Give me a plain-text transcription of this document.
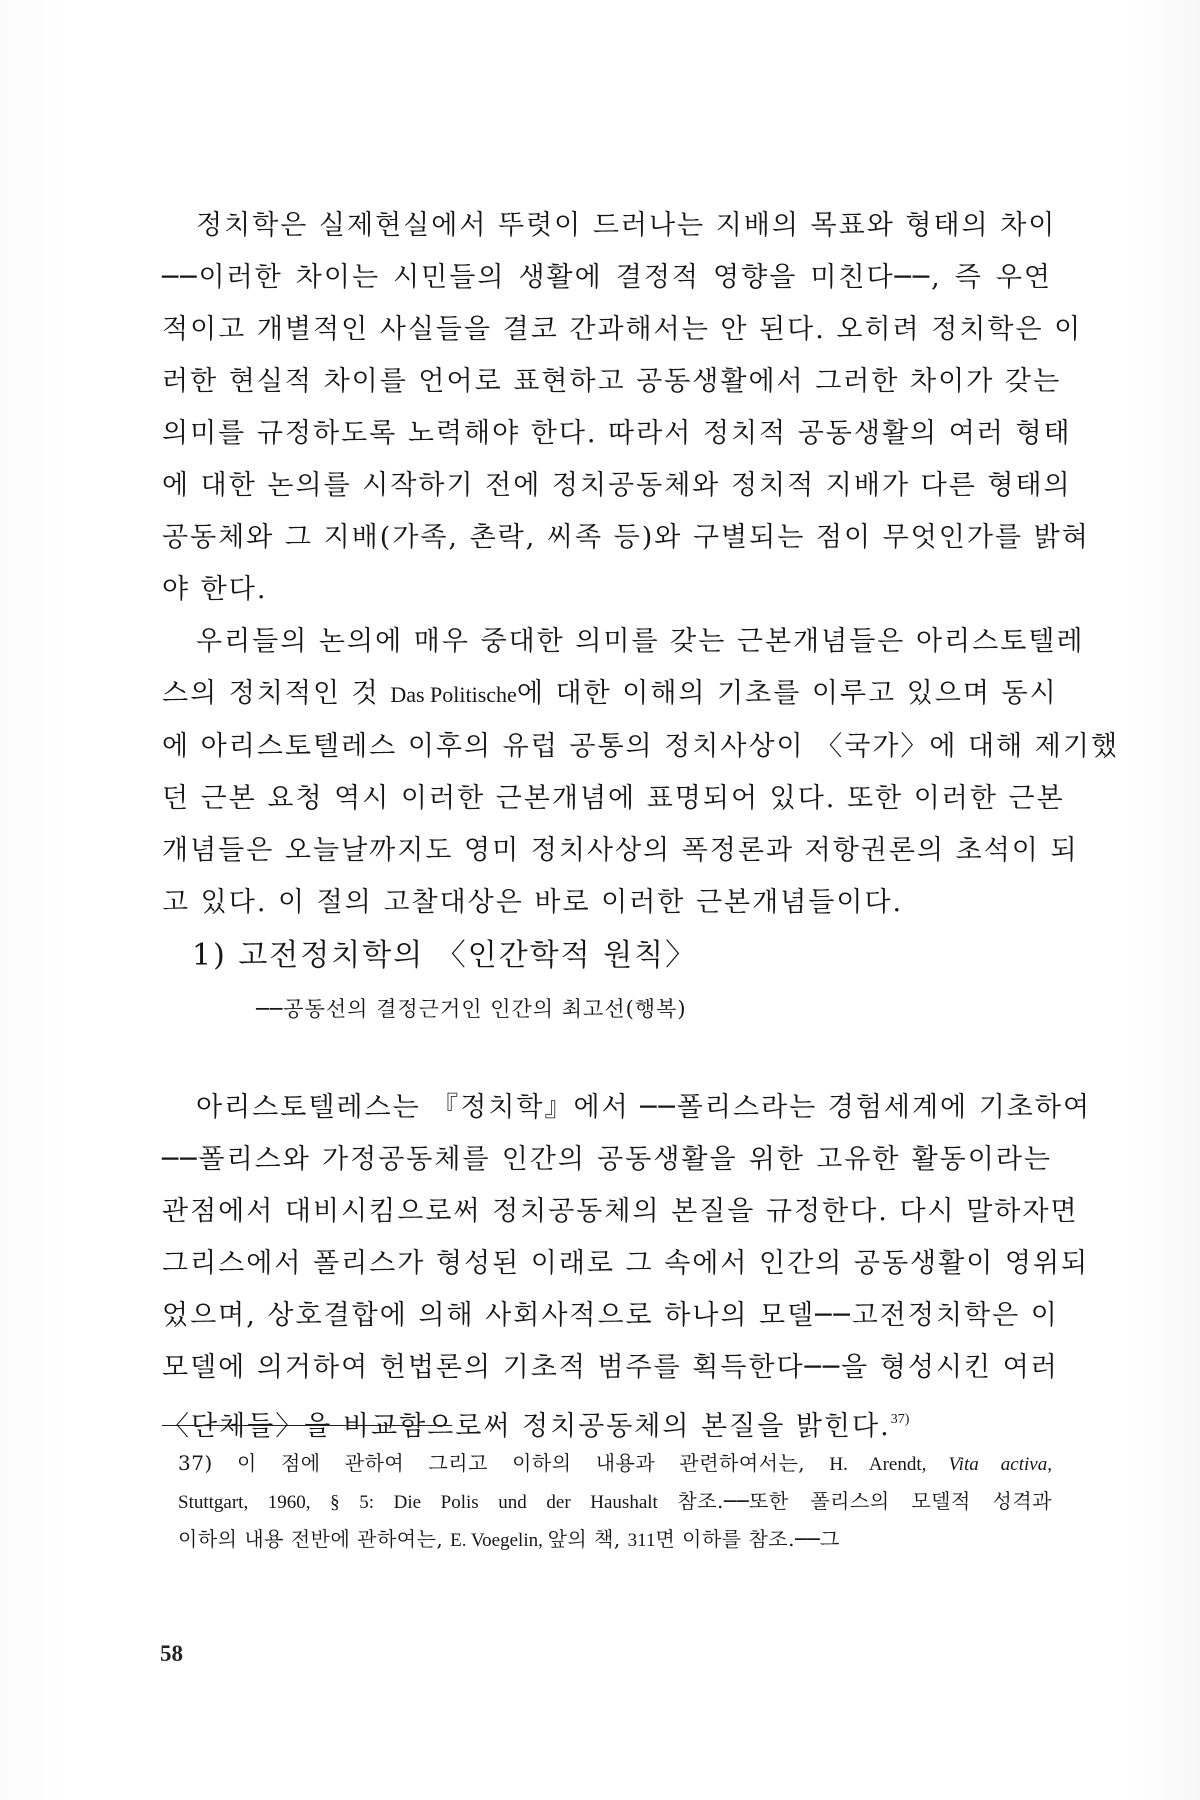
정치학은 실제현실에서 뚜렷이 드러나는 지배의 목표와 형태의 차이
──이러한 차이는 시민들의 생활에 결정적 영향을 미친다──, 즉 우연
적이고 개별적인 사실들을 결코 간과해서는 안 된다. 오히려 정치학은 이
러한 현실적 차이를 언어로 표현하고 공동생활에서 그러한 차이가 갖는
의미를 규정하도록 노력해야 한다. 따라서 정치적 공동생활의 여러 형태
에 대한 논의를 시작하기 전에 정치공동체와 정치적 지배가 다른 형태의
공동체와 그 지배(가족, 촌락, 씨족 등)와 구별되는 점이 무엇인가를 밝혀
야 한다.
우리들의 논의에 매우 중대한 의미를 갖는 근본개념들은 아리스토텔레
스의 정치적인 것 Das Politische에 대한 이해의 기초를 이루고 있으며 동시
에 아리스토텔레스 이후의 유럽 공통의 정치사상이 〈국가〉에 대해 제기했
던 근본 요청 역시 이러한 근본개념에 표명되어 있다. 또한 이러한 근본
개념들은 오늘날까지도 영미 정치사상의 폭정론과 저항권론의 초석이 되
고 있다. 이 절의 고찰대상은 바로 이러한 근본개념들이다.
1) 고전정치학의 〈인간학적 원칙〉
──공동선의 결정근거인 인간의 최고선(행복)
아리스토텔레스는 『정치학』에서 ──폴리스라는 경험세계에 기초하여
──폴리스와 가정공동체를 인간의 공동생활을 위한 고유한 활동이라는
관점에서 대비시킴으로써 정치공동체의 본질을 규정한다. 다시 말하자면
그리스에서 폴리스가 형성된 이래로 그 속에서 인간의 공동생활이 영위되
었으며, 상호결합에 의해 사회사적으로 하나의 모델──고전정치학은 이
모델에 의거하여 헌법론의 기초적 범주를 획득한다──을 형성시킨 여러
〈단체들〉을 비교함으로써 정치공동체의 본질을 밝힌다.$^{37)}$
37) 이 점에 관하여 그리고 이하의 내용과 관련하여서는, H. Arendt, Vita activa,
Stuttgart, 1960, § 5: Die Polis und der Haushalt 참조.──또한 폴리스의 모델적 성격과
이하의 내용 전반에 관하여는, E. Voegelin, 앞의 책, 311면 이하를 참조.──그
58
